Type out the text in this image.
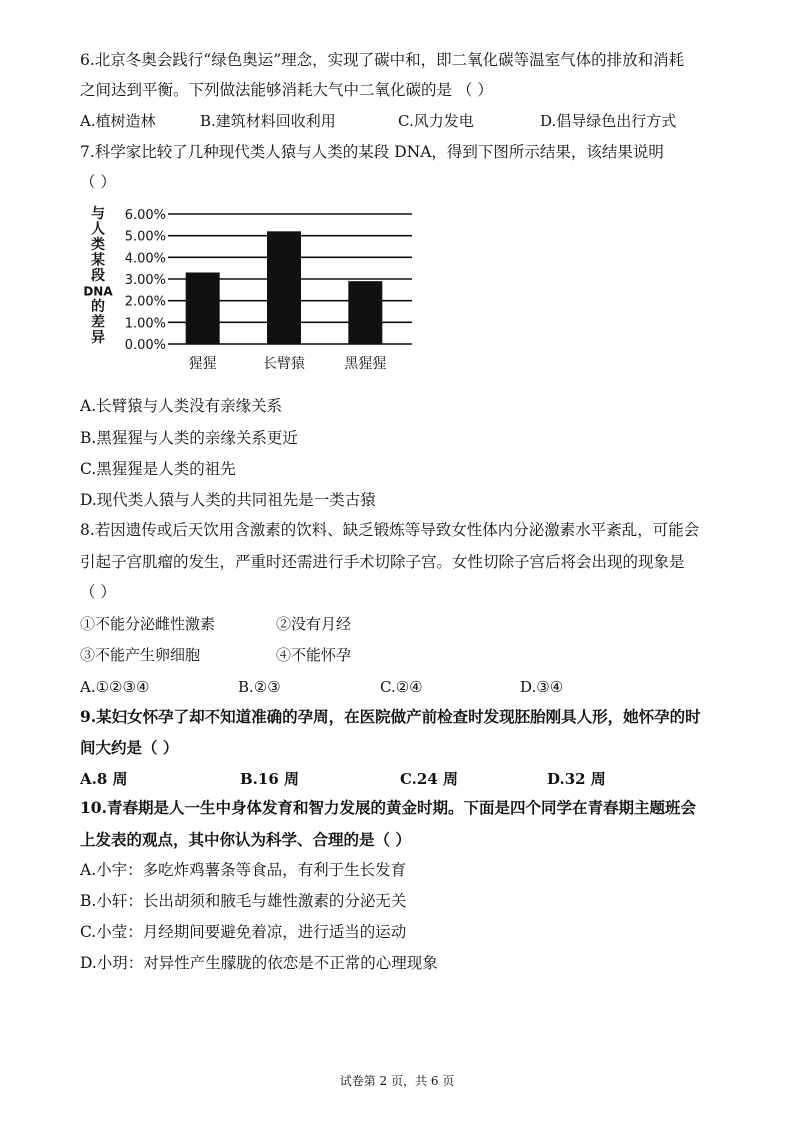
6.北京冬奥会践行“绿色奥运”理念，实现了碳中和，即二氧化碳等温室气体的排放和消耗
之间达到平衡。下列做法能够消耗大气中二氧化碳的是 （ ）
A.植树造林	B.建筑材料回收利用	C.风力发电	D.倡导绿色出行方式
7.科学家比较了几种现代类人猿与人类的某段 DNA，得到下图所示结果，该结果说明
（ ）
与
人
类
某
段
DNA
的
差
异 0.00%
1.00%
2.00%
3.00%
4.00%
5.00%
6.00%
猩猩	长臂猿	黑猩猩
A.长臂猿与人类没有亲缘关系
B.黑猩猩与人类的亲缘关系更近
C.黑猩猩是人类的祖先
D.现代类人猿与人类的共同祖先是一类古猿
8.若因遗传或后天饮用含激素的饮料、缺乏锻炼等导致女性体内分泌激素水平紊乱，可能会
引起子宫肌瘤的发生，严重时还需进行手术切除子宫。女性切除子宫后将会出现的现象是
（ ）
①不能分泌雌性激素	②没有月经
③不能产生卵细胞	④不能怀孕
A.①②③④	B.②③	C.②④	D.③④
9.某妇女怀孕了却不知道准确的孕周，在医院做产前检查时发现胚胎刚具人形，她怀孕的时
间大约是（ ）
A.8 周	B.16 周	C.24 周	D.32 周
10.青春期是人一生中身体发育和智力发展的黄金时期。下面是四个同学在青春期主题班会
上发表的观点，其中你认为科学、合理的是（ ）
A.小宇：多吃炸鸡薯条等食品，有利于生长发育
B.小轩：长出胡须和腋毛与雄性激素的分泌无关
C.小莹：月经期间要避免着凉，进行适当的运动
D.小玥：对异性产生朦胧的依恋是不正常的心理现象
试卷第 2 页，共 6 页
